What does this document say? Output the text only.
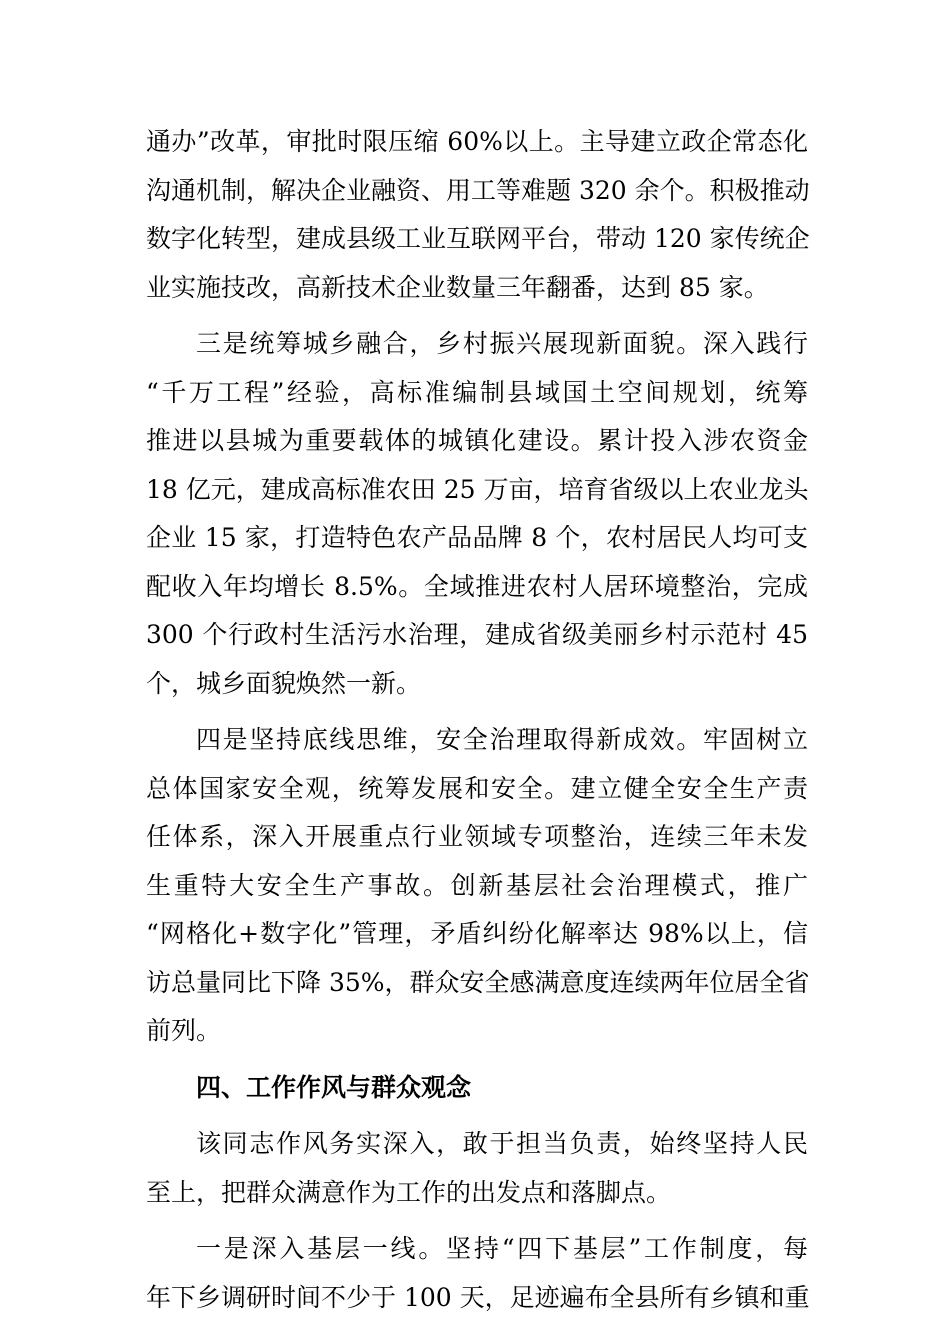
通办”改革，审批时限压缩 60%以上。主导建立政企常态化
沟通机制，解决企业融资、用工等难题 320 余个。积极推动
数字化转型，建成县级工业互联网平台，带动 120 家传统企
业实施技改，高新技术企业数量三年翻番，达到 85 家。
三是统筹城乡融合，乡村振兴展现新面貌。深入践行
“千万工程”经验，高标准编制县域国土空间规划，统筹
推进以县城为重要载体的城镇化建设。累计投入涉农资金
18 亿元，建成高标准农田 25 万亩，培育省级以上农业龙头
企业 15 家，打造特色农产品品牌 8 个，农村居民人均可支
配收入年均增长 8.5%。全域推进农村人居环境整治，完成
300 个行政村生活污水治理，建成省级美丽乡村示范村 45
个，城乡面貌焕然一新。
四是坚持底线思维，安全治理取得新成效。牢固树立
总体国家安全观，统筹发展和安全。建立健全安全生产责
任体系，深入开展重点行业领域专项整治，连续三年未发
生重特大安全生产事故。创新基层社会治理模式，推广
“网格化+数字化”管理，矛盾纠纷化解率达 98%以上，信
访总量同比下降 35%，群众安全感满意度连续两年位居全省
前列。
四、工作作风与群众观念
该同志作风务实深入，敢于担当负责，始终坚持人民
至上，把群众满意作为工作的出发点和落脚点。
一是深入基层一线。坚持“四下基层”工作制度，每
年下乡调研时间不少于 100 天，足迹遍布全县所有乡镇和重
